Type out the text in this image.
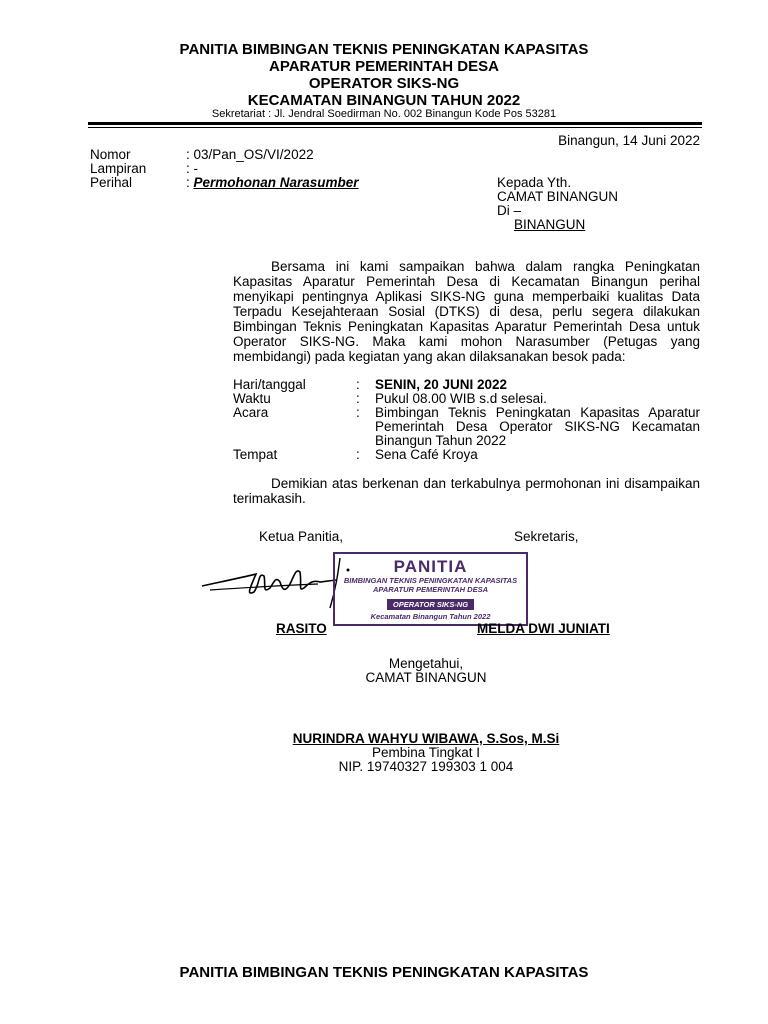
PANITIA BIMBINGAN TEKNIS PENINGKATAN KAPASITAS
APARATUR PEMERINTAH DESA
OPERATOR SIKS-NG
KECAMATAN BINANGUN TAHUN 2022
Sekretariat : Jl. Jendral Soedirman No. 002 Binangun Kode Pos 53281
Binangun, 14 Juni 2022
Nomor	: 03/Pan_OS/VI/2022
Lampiran	: -
Perihal	: Permohonan Narasumber	Kepada Yth.
CAMAT BINANGUN
Di –
BINANGUN
Bersama ini kami sampaikan bahwa dalam rangka Peningkatan Kapasitas Aparatur Pemerintah Desa di Kecamatan Binangun perihal menyikapi pentingnya Aplikasi SIKS-NG guna memperbaiki kualitas Data Terpadu Kesejahteraan Sosial (DTKS) di desa, perlu segera dilakukan Bimbingan Teknis Peningkatan Kapasitas Aparatur Pemerintah Desa untuk Operator SIKS-NG. Maka kami mohon Narasumber (Petugas yang membidangi) pada kegiatan yang akan dilaksanakan besok pada:
Hari/tanggal	: SENIN, 20 JUNI 2022
Waktu	: Pukul 08.00 WIB s.d selesai.
Acara	: Bimbingan Teknis Peningkatan Kapasitas Aparatur Pemerintah Desa Operator SIKS-NG Kecamatan Binangun Tahun 2022
Tempat	: Sena Café Kroya
Demikian atas berkenan dan terkabulnya permohonan ini disampaikan terimakasih.
Ketua Panitia,	Sekretaris,
PANITIA
BIMBINGAN TEKNIS PENINGKATAN KAPASITAS
APARATUR PEMERINTAH DESA
OPERATOR SIKS-NG
Kecamatan Binangun Tahun 2022
RASITO	MELDA DWI JUNIATI
Mengetahui,
CAMAT BINANGUN
NURINDRA WAHYU WIBAWA, S.Sos, M.Si
Pembina Tingkat I
NIP. 19740327 199303 1 004
PANITIA BIMBINGAN TEKNIS PENINGKATAN KAPASITAS
